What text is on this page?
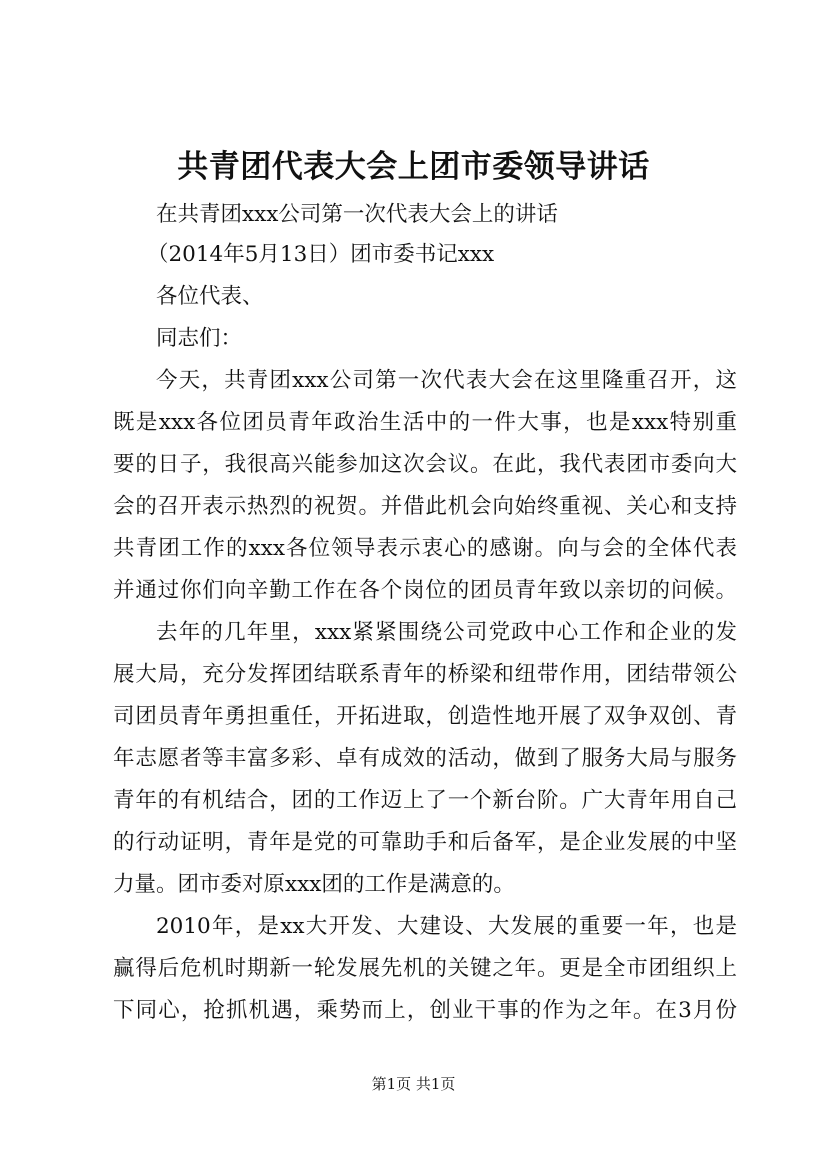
共青团代表大会上团市委领导讲话
在共青团xxx公司第一次代表大会上的讲话
（2014年5月13日）团市委书记xxx
各位代表、
同志们：
今天，共青团xxx公司第一次代表大会在这里隆重召开，这
既是xxx各位团员青年政治生活中的一件大事，也是xxx特别重
要的日子，我很高兴能参加这次会议。在此，我代表团市委向大
会的召开表示热烈的祝贺。并借此机会向始终重视、关心和支持
共青团工作的xxx各位领导表示衷心的感谢。向与会的全体代表
并通过你们向辛勤工作在各个岗位的团员青年致以亲切的问候。
去年的几年里，xxx紧紧围绕公司党政中心工作和企业的发
展大局，充分发挥团结联系青年的桥梁和纽带作用，团结带领公
司团员青年勇担重任，开拓进取，创造性地开展了双争双创、青
年志愿者等丰富多彩、卓有成效的活动，做到了服务大局与服务
青年的有机结合，团的工作迈上了一个新台阶。广大青年用自己
的行动证明，青年是党的可靠助手和后备军，是企业发展的中坚
力量。团市委对原xxx团的工作是满意的。
2010年，是xx大开发、大建设、大发展的重要一年，也是
赢得后危机时期新一轮发展先机的关键之年。更是全市团组织上
下同心，抢抓机遇，乘势而上，创业干事的作为之年。在3月份
第1页 共1页
